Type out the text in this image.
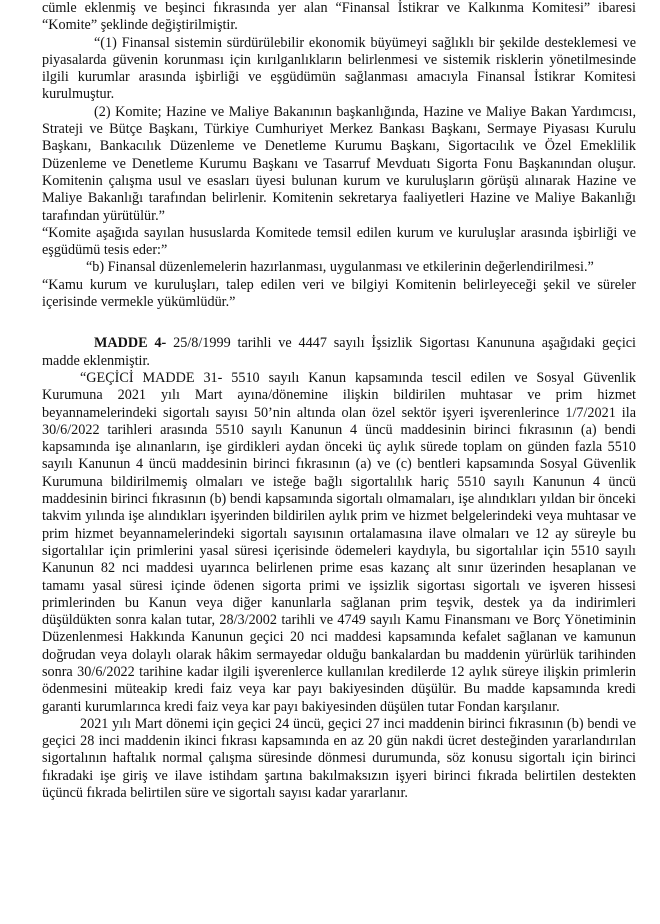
cümle eklenmiş ve beşinci fıkrasında yer alan “Finansal İstikrar ve Kalkınma Komitesi” ibaresi “Komite” şeklinde değiştirilmiştir.

“(1) Finansal sistemin sürdürülebilir ekonomik büyümeyi sağlıklı bir şekilde desteklemesi ve piyasalarda güvenin korunması için kırılganlıkların belirlenmesi ve sistemik risklerin yönetilmesinde ilgili kurumlar arasında işbirliği ve eşgüdümün sağlanması amacıyla Finansal İstikrar Komitesi kurulmuştur.

(2) Komite; Hazine ve Maliye Bakanının başkanlığında, Hazine ve Maliye Bakan Yardımcısı, Strateji ve Bütçe Başkanı, Türkiye Cumhuriyet Merkez Bankası Başkanı, Sermaye Piyasası Kurulu Başkanı, Bankacılık Düzenleme ve Denetleme Kurumu Başkanı, Sigortacılık ve Özel Emeklilik Düzenleme ve Denetleme Kurumu Başkanı ve Tasarruf Mevduatı Sigorta Fonu Başkanından oluşur. Komitenin çalışma usul ve esasları üyesi bulunan kurum ve kuruluşların görüşü alınarak Hazine ve Maliye Bakanlığı tarafından belirlenir. Komitenin sekretarya faaliyetleri Hazine ve Maliye Bakanlığı tarafından yürütülür.”

“Komite aşağıda sayılan hususlarda Komitede temsil edilen kurum ve kuruluşlar arasında işbirliği ve eşgüdümü tesis eder:”

“b) Finansal düzenlemelerin hazırlanması, uygulanması ve etkilerinin değerlendirilmesi.”

“Kamu kurum ve kuruluşları, talep edilen veri ve bilgiyi Komitenin belirleyeceği şekil ve süreler içerisinde vermekle yükümlüdür.”

MADDE 4- 25/8/1999 tarihli ve 4447 sayılı İşsizlik Sigortası Kanununa aşağıdaki geçici madde eklenmiştir.

“GEÇİCİ MADDE 31- 5510 sayılı Kanun kapsamında tescil edilen ve Sosyal Güvenlik Kurumuna 2021 yılı Mart ayına/dönemine ilişkin bildirilen muhtasar ve prim hizmet beyannamelerindeki sigortalı sayısı 50’nin altında olan özel sektör işyeri işverenlerince 1/7/2021 ila 30/6/2022 tarihleri arasında 5510 sayılı Kanunun 4 üncü maddesinin birinci fıkrasının (a) bendi kapsamında işe alınanların, işe girdikleri aydan önceki üç aylık sürede toplam on günden fazla 5510 sayılı Kanunun 4 üncü maddesinin birinci fıkrasının (a) ve (c) bentleri kapsamında Sosyal Güvenlik Kurumuna bildirilmemiş olmaları ve isteğe bağlı sigortalılık hariç 5510 sayılı Kanunun 4 üncü maddesinin birinci fıkrasının (b) bendi kapsamında sigortalı olmamaları, işe alındıkları yıldan bir önceki takvim yılında işe alındıkları işyerinden bildirilen aylık prim ve hizmet belgelerindeki veya muhtasar ve prim hizmet beyannamelerindeki sigortalı sayısının ortalamasına ilave olmaları ve 12 ay süreyle bu sigortalılar için primlerini yasal süresi içerisinde ödemeleri kaydıyla, bu sigortalılar için 5510 sayılı Kanunun 82 nci maddesi uyarınca belirlenen prime esas kazanç alt sınır üzerinden hesaplanan ve tamamı yasal süresi içinde ödenen sigorta primi ve işsizlik sigortası sigortalı ve işveren hissesi primlerinden bu Kanun veya diğer kanunlarla sağlanan prim teşvik, destek ya da indirimleri düşüldükten sonra kalan tutar, 28/3/2002 tarihli ve 4749 sayılı Kamu Finansmanı ve Borç Yönetiminin Düzenlenmesi Hakkında Kanunun geçici 20 nci maddesi kapsamında kefalet sağlanan ve kamunun doğrudan veya dolaylı olarak hâkim sermayedar olduğu bankalardan bu maddenin yürürlük tarihinden sonra 30/6/2022 tarihine kadar ilgili işverenlerce kullanılan kredilerde 12 aylık süreye ilişkin primlerin ödenmesini müteakip kredi faiz veya kar payı bakiyesinden düşülür. Bu madde kapsamında kredi garanti kurumlarınca kredi faiz veya kar payı bakiyesinden düşülen tutar Fondan karşılanır.

2021 yılı Mart dönemi için geçici 24 üncü, geçici 27 inci maddenin birinci fıkrasının (b) bendi ve geçici 28 inci maddenin ikinci fıkrası kapsamında en az 20 gün nakdi ücret desteğinden yararlandırılan sigortalının haftalık normal çalışma süresinde dönmesi durumunda, söz konusu sigortalı için birinci fıkradaki işe giriş ve ilave istihdam şartına bakılmaksızın işyeri birinci fıkrada belirtilen destekten üçüncü fıkrada belirtilen süre ve sigortalı sayısı kadar yararlanır.
